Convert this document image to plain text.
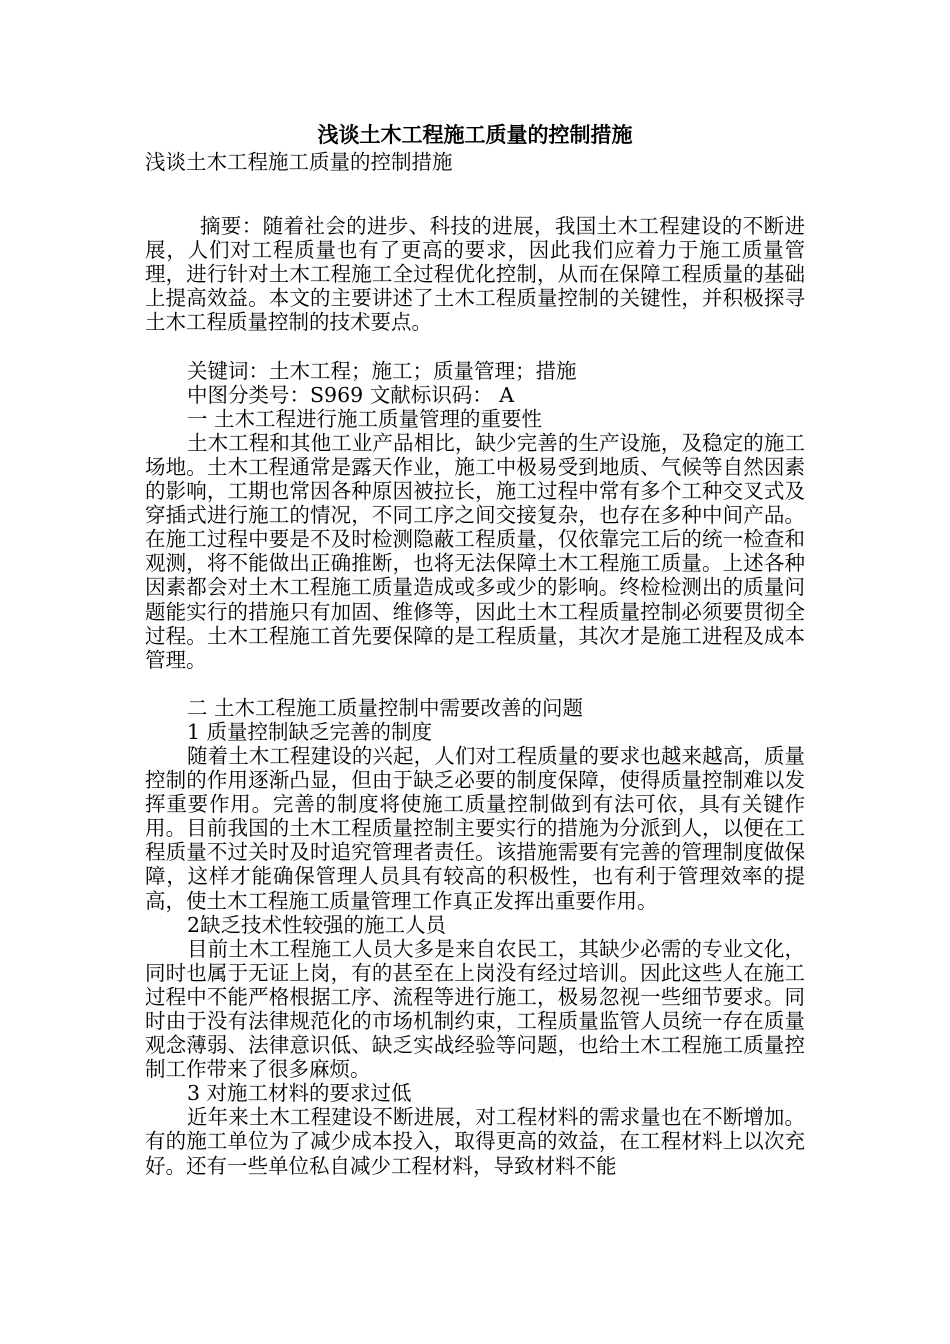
浅谈土木工程施工质量的控制措施

浅谈土木工程施工质量的控制措施

摘要：随着社会的进步、科技的进展，我国土木工程建设的不断进展，人们对工程质量也有了更高的要求，因此我们应着力于施工质量管理，进行针对土木工程施工全过程优化控制，从而在保障工程质量的基础上提高效益。本文的主要讲述了土木工程质量控制的关键性，并积极探寻土木工程质量控制的技术要点。

关键词：土木工程；施工；质量管理；措施

中图分类号：S969 文献标识码： A

一 土木工程进行施工质量管理的重要性

土木工程和其他工业产品相比，缺少完善的生产设施，及稳定的施工场地。土木工程通常是露天作业，施工中极易受到地质、气候等自然因素的影响，工期也常因各种原因被拉长，施工过程中常有多个工种交叉式及穿插式进行施工的情况，不同工序之间交接复杂，也存在多种中间产品。在施工过程中要是不及时检测隐蔽工程质量，仅依靠完工后的统一检查和观测，将不能做出正确推断，也将无法保障土木工程施工质量。上述各种因素都会对土木工程施工质量造成或多或少的影响。终检检测出的质量问题能实行的措施只有加固、维修等，因此土木工程质量控制必须要贯彻全过程。土木工程施工首先要保障的是工程质量，其次才是施工进程及成本管理。

二 土木工程施工质量控制中需要改善的问题

1 质量控制缺乏完善的制度

随着土木工程建设的兴起，人们对工程质量的要求也越来越高，质量控制的作用逐渐凸显，但由于缺乏必要的制度保障，使得质量控制难以发挥重要作用。完善的制度将使施工质量控制做到有法可依，具有关键作用。目前我国的土木工程质量控制主要实行的措施为分派到人，以便在工程质量不过关时及时追究管理者责任。该措施需要有完善的管理制度做保障，这样才能确保管理人员具有较高的积极性，也有利于管理效率的提高，使土木工程施工质量管理工作真正发挥出重要作用。

2缺乏技术性较强的施工人员

目前土木工程施工人员大多是来自农民工，其缺少必需的专业文化，同时也属于无证上岗，有的甚至在上岗没有经过培训。因此这些人在施工过程中不能严格根据工序、流程等进行施工，极易忽视一些细节要求。同时由于没有法律规范化的市场机制约束，工程质量监管人员统一存在质量观念薄弱、法律意识低、缺乏实战经验等问题，也给土木工程施工质量控制工作带来了很多麻烦。

3 对施工材料的要求过低

近年来土木工程建设不断进展，对工程材料的需求量也在不断增加。有的施工单位为了减少成本投入，取得更高的效益，在工程材料上以次充好。还有一些单位私自减少工程材料，导致材料不能
